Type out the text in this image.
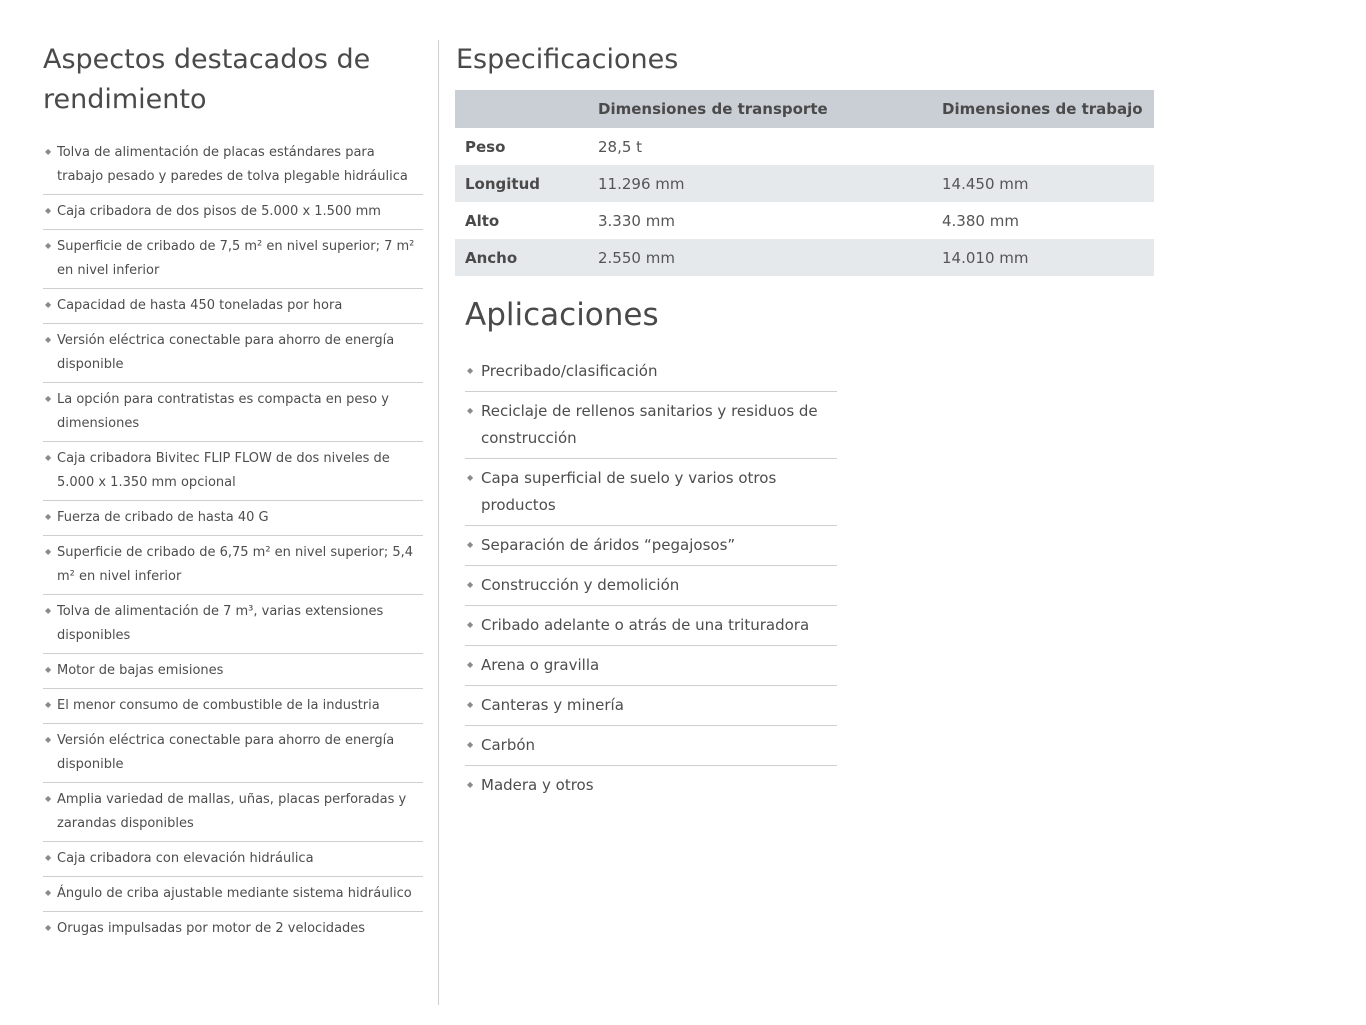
Aspectos destacados de rendimiento
◆ Tolva de alimentación de placas estándares para trabajo pesado y paredes de tolva plegable hidráulica
◆ Caja cribadora de dos pisos de 5.000 x 1.500 mm
◆ Superficie de cribado de 7,5 m² en nivel superior; 7 m² en nivel inferior
◆ Capacidad de hasta 450 toneladas por hora
◆ Versión eléctrica conectable para ahorro de energía disponible
◆ La opción para contratistas es compacta en peso y dimensiones
◆ Caja cribadora Bivitec FLIP FLOW de dos niveles de 5.000 x 1.350 mm opcional
◆ Fuerza de cribado de hasta 40 G
◆ Superficie de cribado de 6,75 m² en nivel superior; 5,4 m² en nivel inferior
◆ Tolva de alimentación de 7 m³, varias extensiones disponibles
◆ Motor de bajas emisiones
◆ El menor consumo de combustible de la industria
◆ Versión eléctrica conectable para ahorro de energía disponible
◆ Amplia variedad de mallas, uñas, placas perforadas y zarandas disponibles
◆ Caja cribadora con elevación hidráulica
◆ Ángulo de criba ajustable mediante sistema hidráulico
◆ Orugas impulsadas por motor de 2 velocidades
Especificaciones
	Dimensiones de transporte	Dimensiones de trabajo
Peso	28,5 t	
Longitud	11.296 mm	14.450 mm
Alto	3.330 mm	4.380 mm
Ancho	2.550 mm	14.010 mm
Aplicaciones
◆ Precribado/clasificación
◆ Reciclaje de rellenos sanitarios y residuos de construcción
◆ Capa superficial de suelo y varios otros productos
◆ Separación de áridos “pegajosos”
◆ Construcción y demolición
◆ Cribado adelante o atrás de una trituradora
◆ Arena o gravilla
◆ Canteras y minería
◆ Carbón
◆ Madera y otros
